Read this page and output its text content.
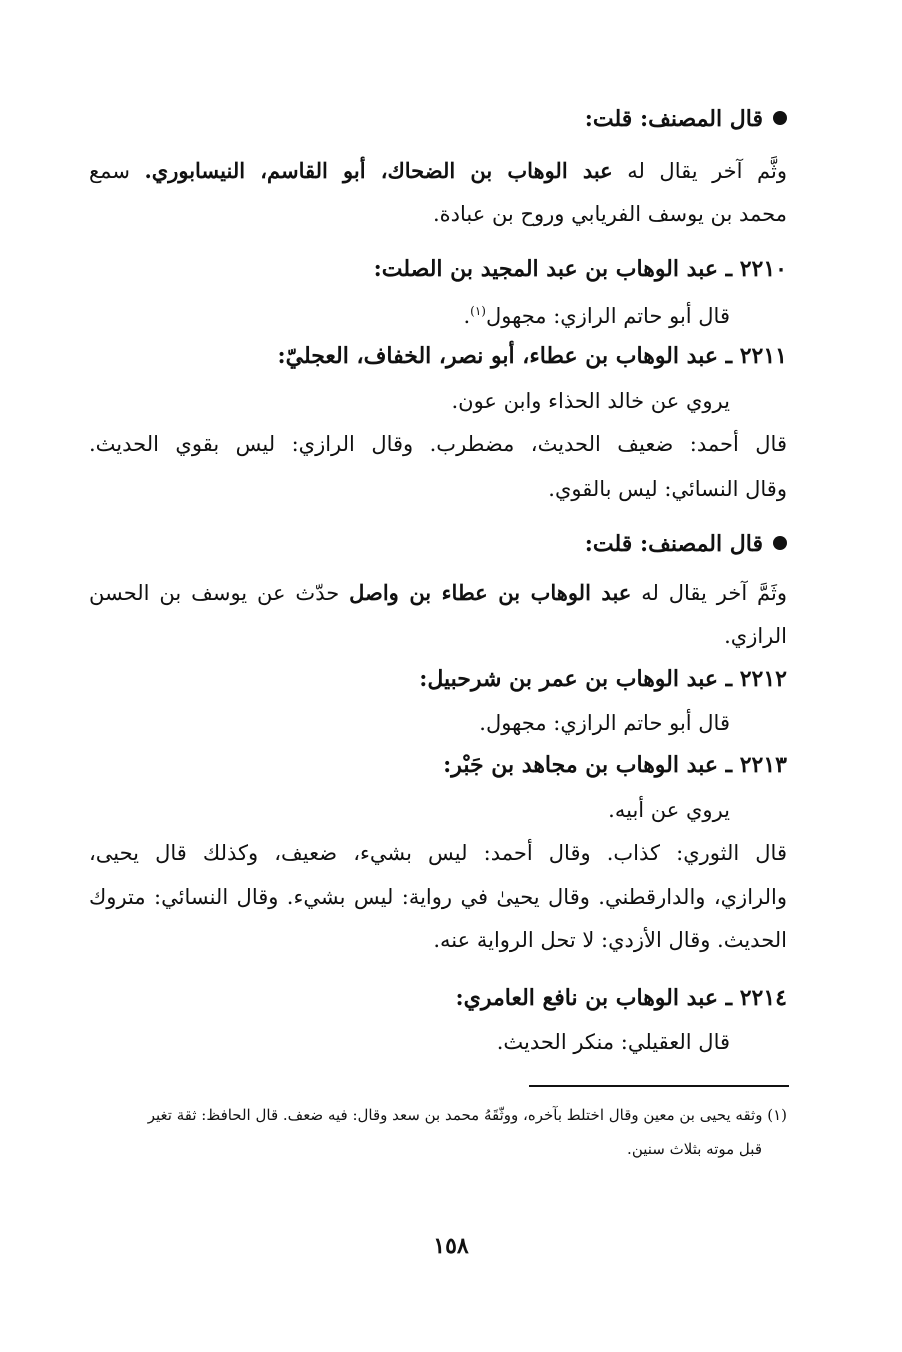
قال المصنف: قلت:
وثَّم آخر يقال له عبد الوهاب بن الضحاك، أبو القاسم، النيسابوري. سمع
محمد بن يوسف الفريابي وروح بن عبادة.
٢٢١٠ ـ عبد الوهاب بن عبد المجيد بن الصلت:
قال أبو حاتم الرازي: مجهول$^{(١)}$.
٢٢١١ ـ عبد الوهاب بن عطاء، أبو نصر، الخفاف، العجليّ:
يروي عن خالد الحذاء وابن عون.
قال أحمد: ضعيف الحديث، مضطرب. وقال الرازي: ليس بقوي الحديث.
وقال النسائي: ليس بالقوي.
قال المصنف: قلت:
وثَمَّ آخر يقال له عبد الوهاب بن عطاء بن واصل حدّث عن يوسف بن الحسن
الرازي.
٢٢١٢ ـ عبد الوهاب بن عمر بن شرحبيل:
قال أبو حاتم الرازي: مجهول.
٢٢١٣ ـ عبد الوهاب بن مجاهد بن جَبْر:
يروي عن أبيه.
قال الثوري: كذاب. وقال أحمد: ليس بشيء، ضعيف، وكذلك قال يحيى،
والرازي، والدارقطني. وقال يحيىٰ في رواية: ليس بشيء. وقال النسائي: متروك
الحديث. وقال الأزدي: لا تحل الرواية عنه.
٢٢١٤ ـ عبد الوهاب بن نافع العامري:
قال العقيلي: منكر الحديث.
(١) وثقه يحيى بن معين وقال اختلط بآخره، ووثّقَهُ محمد بن سعد وقال: فيه ضعف. قال الحافظ: ثقة تغير
قبل موته بثلاث سنين.
١٥٨
